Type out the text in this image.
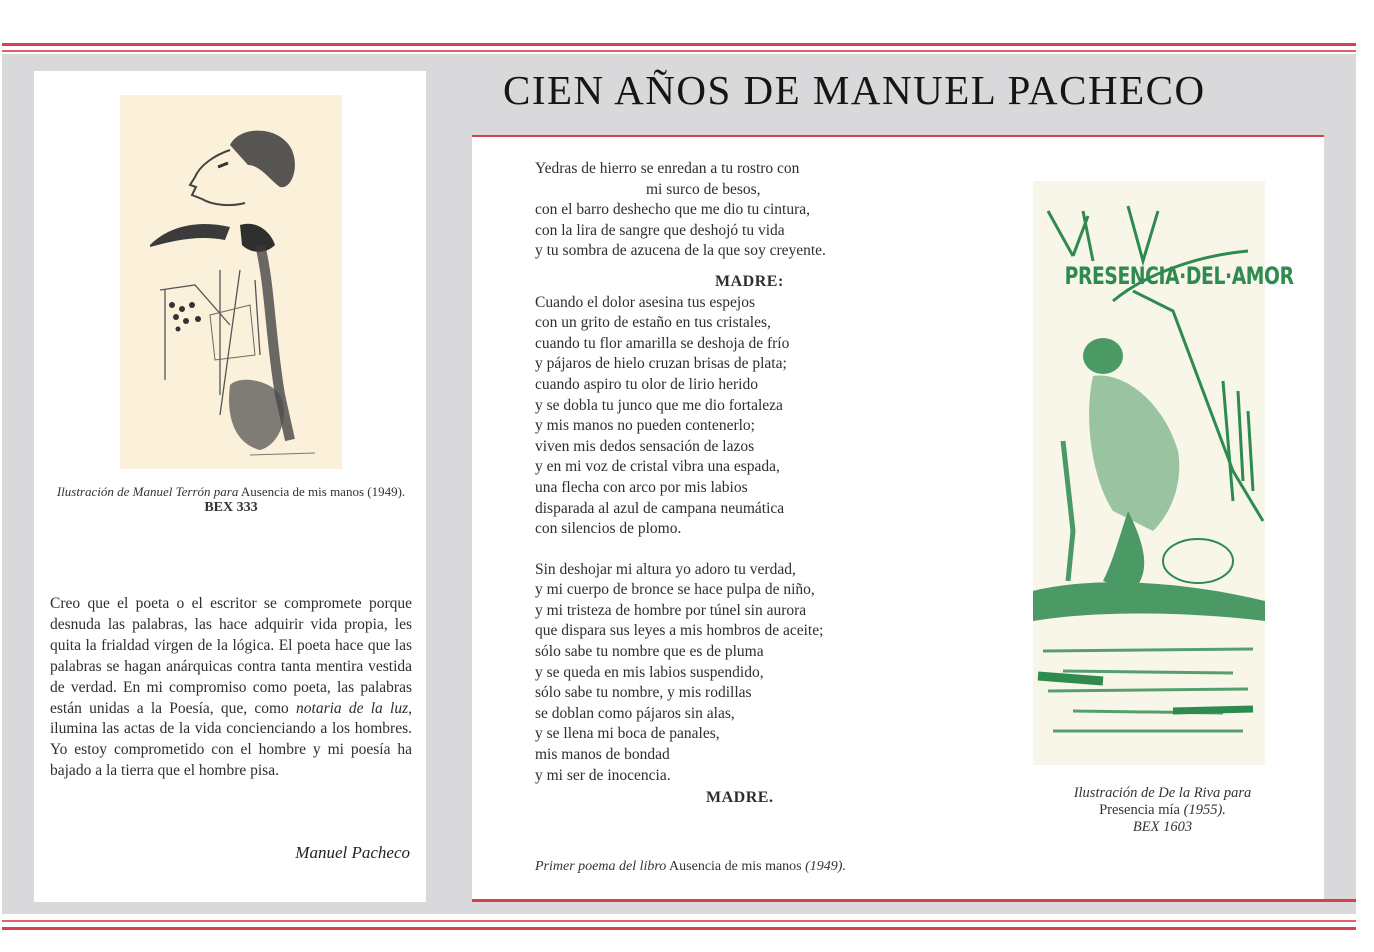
CIEN AÑOS DE MANUEL PACHECO
Ilustración de Manuel Terrón para Ausencia de mis manos (1949).
BEX 333

Creo que el poeta o el escritor se compromete porque desnuda las palabras, las hace adquirir vida propia, les quita la frialdad virgen de la lógica. El poeta hace que las palabras se hagan anárquicas contra tanta mentira vestida de verdad. En mi compromiso como poeta, las palabras están unidas a la Poesía, que, como notaria de la luz, ilumina las actas de la vida concienciando a los hombres. Yo estoy comprometido con el hombre y mi poesía ha bajado a la tierra que el hombre pisa.

Manuel Pacheco
Yedras de hierro se enredan a tu rostro con
mi surco de besos,
con el barro deshecho que me dio tu cintura,
con la lira de sangre que deshojó tu vida
y tu sombra de azucena de la que soy creyente.
MADRE:
Cuando el dolor asesina tus espejos
con un grito de estaño en tus cristales,
cuando tu flor amarilla se deshoja de frío
y pájaros de hielo cruzan brisas de plata;
cuando aspiro tu olor de lirio herido
y se dobla tu junco que me dio fortaleza
y mis manos no pueden contenerlo;
viven mis dedos sensación de lazos
y en mi voz de cristal vibra una espada,
una flecha con arco por mis labios
disparada al azul de campana neumática
con silencios de plomo.
Sin deshojar mi altura yo adoro tu verdad,
y mi cuerpo de bronce se hace pulpa de niño,
y mi tristeza de hombre por túnel sin aurora
que dispara sus leyes a mis hombros de aceite;
sólo sabe tu nombre que es de pluma
y se queda en mis labios suspendido,
sólo sabe tu nombre, y mis rodillas
se doblan como pájaros sin alas,
y se llena mi boca de panales,
mis manos de bondad
y mi ser de inocencia.
MADRE.
Primer poema del libro Ausencia de mis manos (1949).
PRESENCIA·DEL·AMOR
Ilustración de De la Riva para
Presencia mía (1955).
BEX 1603
